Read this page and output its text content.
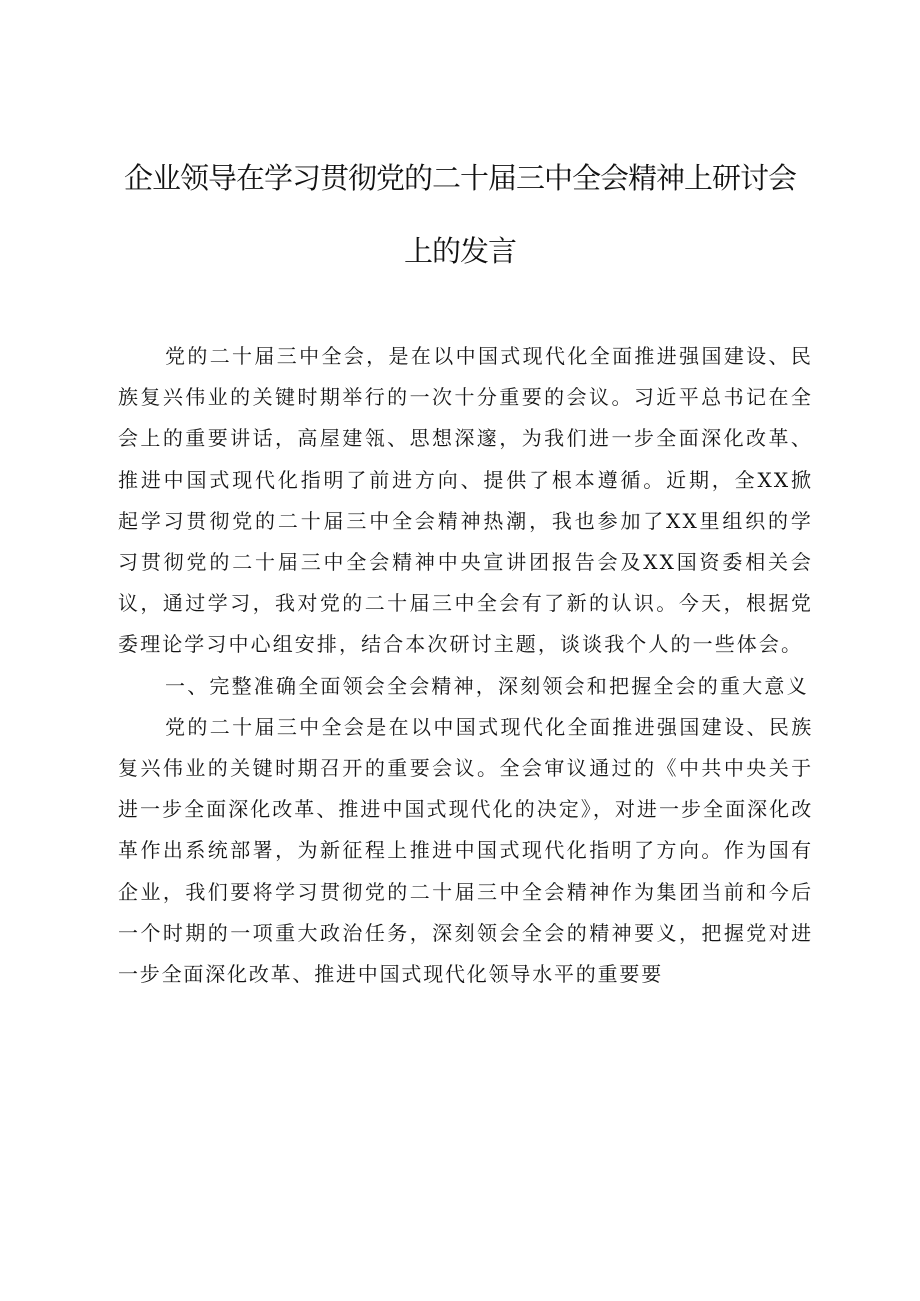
企业领导在学习贯彻党的二十届三中全会精神上研讨会
上的发言

党的二十届三中全会，是在以中国式现代化全面推进强国建设、民族复兴伟业的关键时期举行的一次十分重要的会议。习近平总书记在全会上的重要讲话，高屋建瓴、思想深邃，为我们进一步全面深化改革、推进中国式现代化指明了前进方向、提供了根本遵循。近期，全XX掀起学习贯彻党的二十届三中全会精神热潮，我也参加了XX里组织的学习贯彻党的二十届三中全会精神中央宣讲团报告会及XX国资委相关会议，通过学习，我对党的二十届三中全会有了新的认识。今天，根据党委理论学习中心组安排，结合本次研讨主题，谈谈我个人的一些体会。

一、完整准确全面领会全会精神，深刻领会和把握全会的重大意义

党的二十届三中全会是在以中国式现代化全面推进强国建设、民族复兴伟业的关键时期召开的重要会议。全会审议通过的《中共中央关于进一步全面深化改革、推进中国式现代化的决定》，对进一步全面深化改革作出系统部署，为新征程上推进中国式现代化指明了方向。作为国有企业，我们要将学习贯彻党的二十届三中全会精神作为集团当前和今后一个时期的一项重大政治任务，深刻领会全会的精神要义，把握党对进一步全面深化改革、推进中国式现代化领导水平的重要要
